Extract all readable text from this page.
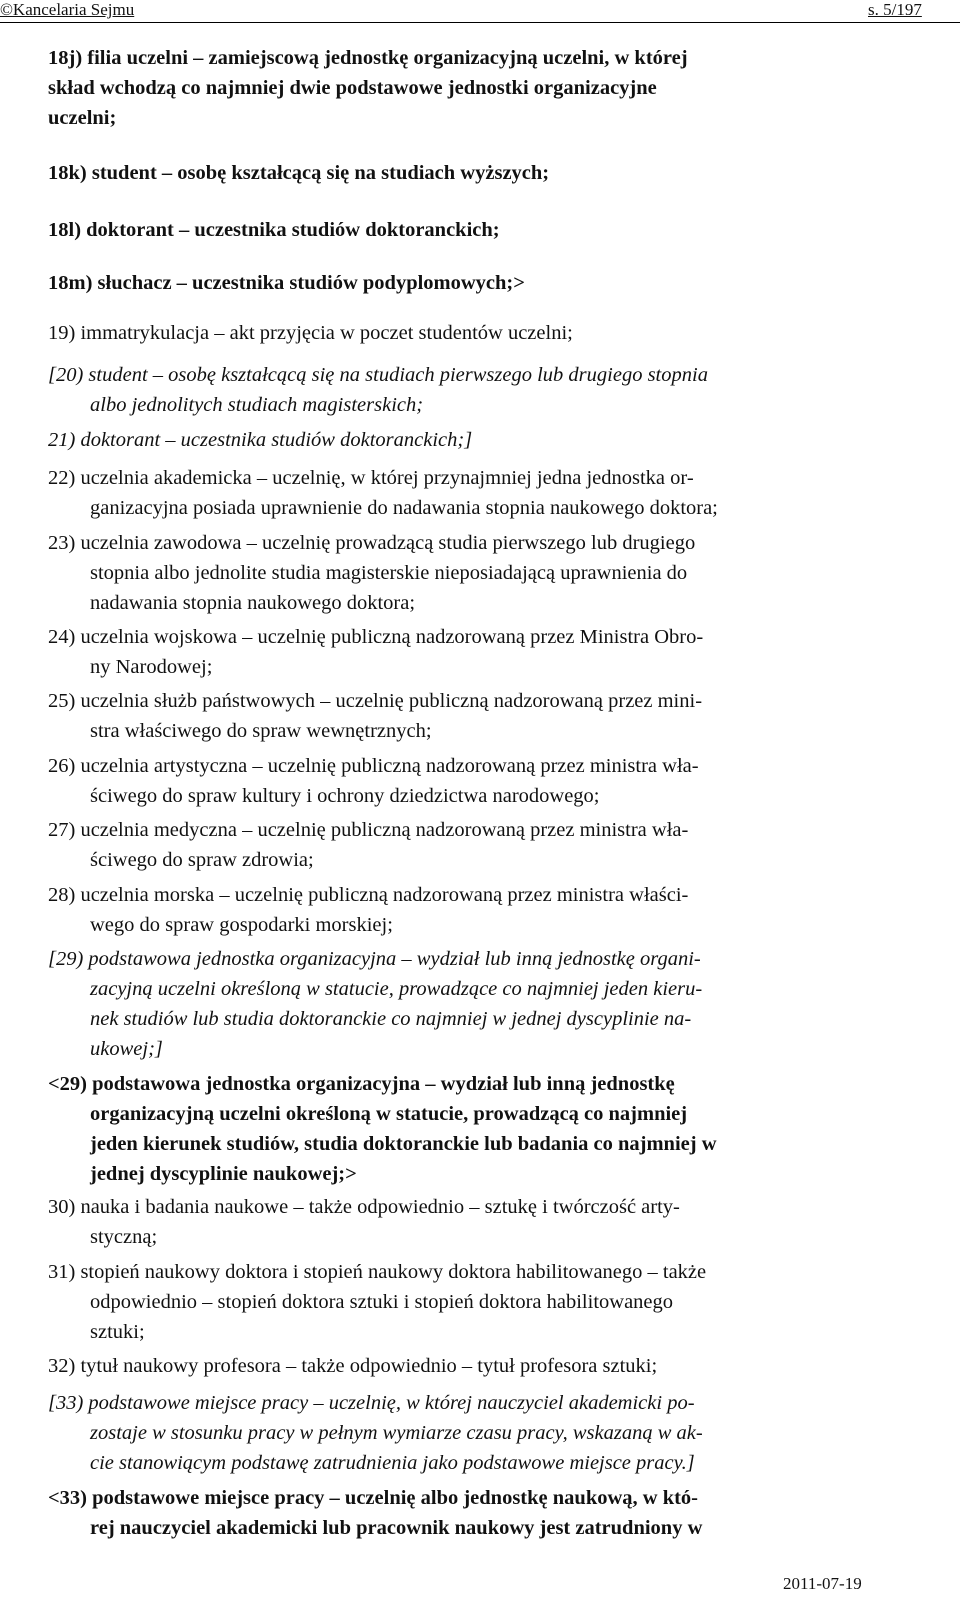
©Kancelaria Sejmu	s. 5/197

18j) filia uczelni – zamiejscową jednostkę organizacyjną uczelni, w której
skład wchodzą co najmniej dwie podstawowe jednostki organizacyjne
uczelni;

18k) student – osobę kształcącą się na studiach wyższych;

18l) doktorant – uczestnika studiów doktoranckich;

18m) słuchacz – uczestnika studiów podyplomowych;>

19) immatrykulacja – akt przyjęcia w poczet studentów uczelni;

[20) student – osobę kształcącą się na studiach pierwszego lub drugiego stopnia
albo jednolitych studiach magisterskich;

21) doktorant – uczestnika studiów doktoranckich;]

22) uczelnia akademicka – uczelnię, w której przynajmniej jedna jednostka or-
ganizacyjna posiada uprawnienie do nadawania stopnia naukowego doktora;

23) uczelnia zawodowa – uczelnię prowadzącą studia pierwszego lub drugiego
stopnia albo jednolite studia magisterskie nieposiadającą uprawnienia do
nadawania stopnia naukowego doktora;

24) uczelnia wojskowa – uczelnię publiczną nadzorowaną przez Ministra Obro-
ny Narodowej;

25) uczelnia służb państwowych – uczelnię publiczną nadzorowaną przez mini-
stra właściwego do spraw wewnętrznych;

26) uczelnia artystyczna – uczelnię publiczną nadzorowaną przez ministra wła-
ściwego do spraw kultury i ochrony dziedzictwa narodowego;

27) uczelnia medyczna – uczelnię publiczną nadzorowaną przez ministra wła-
ściwego do spraw zdrowia;

28) uczelnia morska – uczelnię publiczną nadzorowaną przez ministra właści-
wego do spraw gospodarki morskiej;

[29) podstawowa jednostka organizacyjna – wydział lub inną jednostkę organi-
zacyjną uczelni określoną w statucie, prowadzące co najmniej jeden kieru-
nek studiów lub studia doktoranckie co najmniej w jednej dyscyplinie na-
ukowej;]

<29) podstawowa jednostka organizacyjna – wydział lub inną jednostkę
organizacyjną uczelni określoną w statucie, prowadzącą co najmniej
jeden kierunek studiów, studia doktoranckie lub badania co najmniej w
jednej dyscyplinie naukowej;>

30) nauka i badania naukowe – także odpowiednio – sztukę i twórczość arty-
styczną;

31) stopień naukowy doktora i stopień naukowy doktora habilitowanego – także
odpowiednio – stopień doktora sztuki i stopień doktora habilitowanego
sztuki;

32) tytuł naukowy profesora – także odpowiednio – tytuł profesora sztuki;

[33) podstawowe miejsce pracy – uczelnię, w której nauczyciel akademicki po-
zostaje w stosunku pracy w pełnym wymiarze czasu pracy, wskazaną w ak-
cie stanowiącym podstawę zatrudnienia jako podstawowe miejsce pracy.]

<33) podstawowe miejsce pracy – uczelnię albo jednostkę naukową, w któ-
rej nauczyciel akademicki lub pracownik naukowy jest zatrudniony w

2011-07-19
